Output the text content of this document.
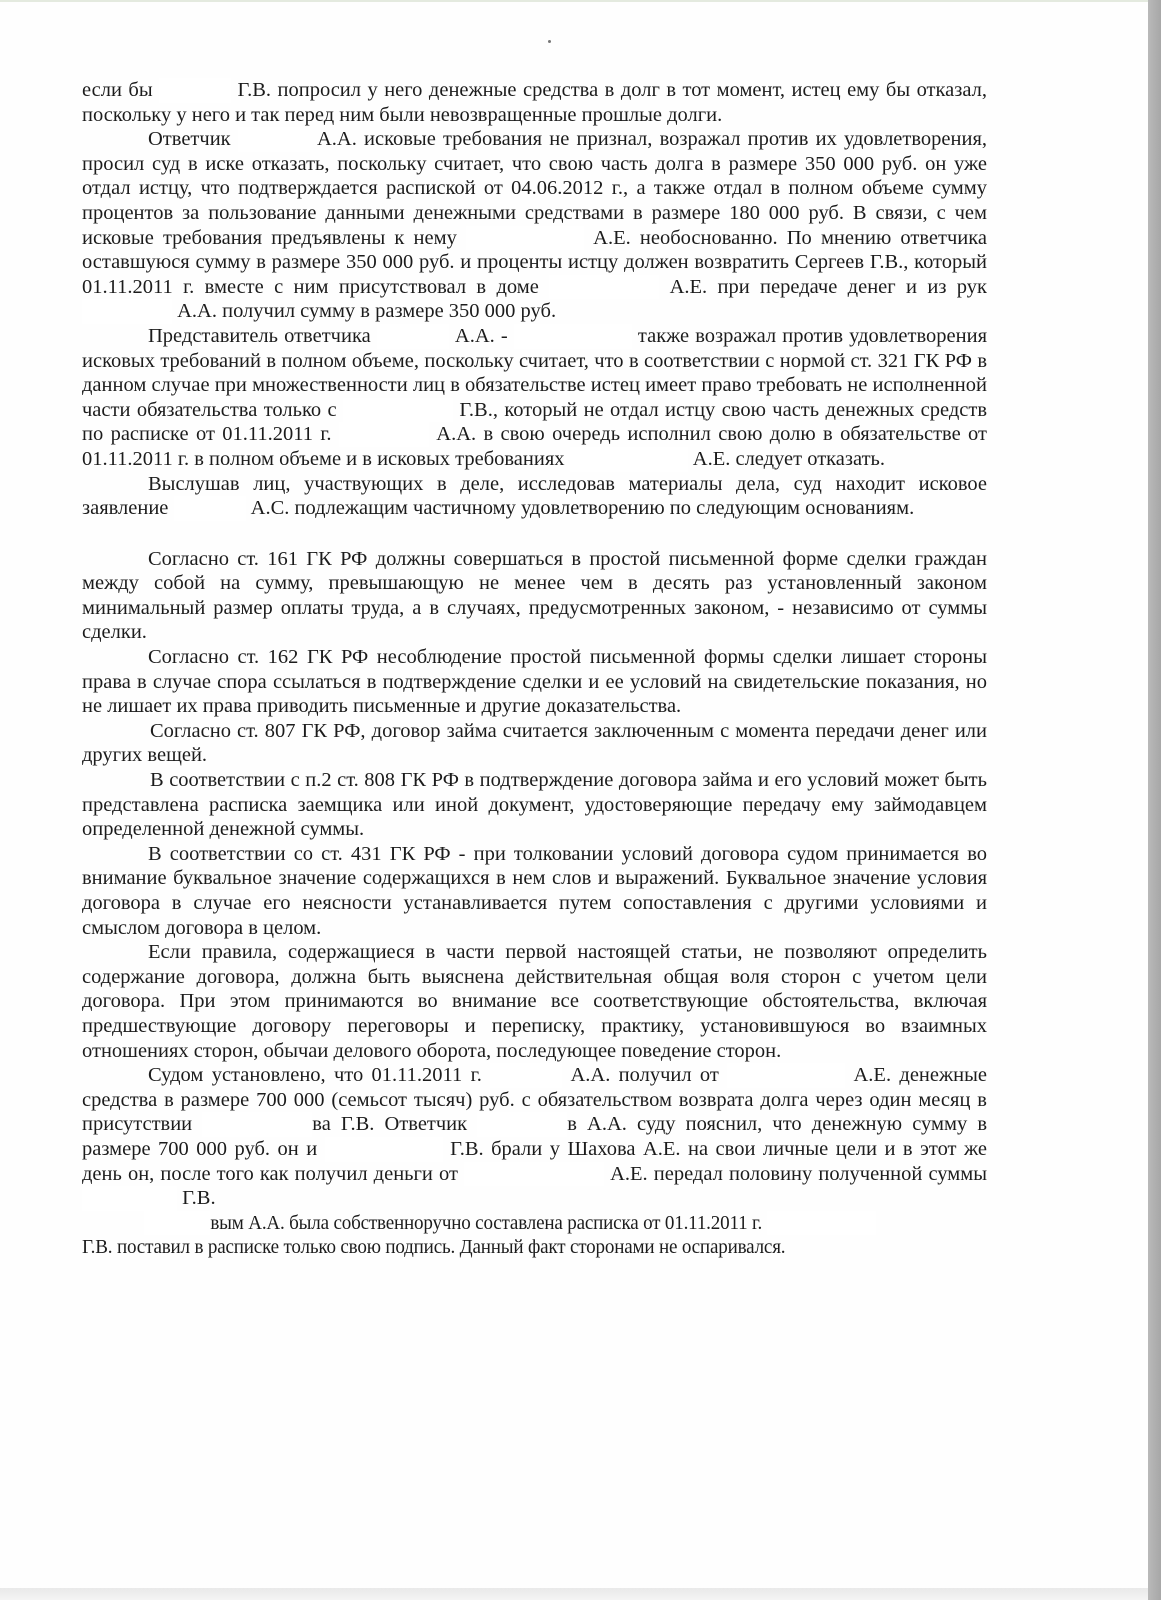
если бы	Г.В. попросил у него денежные средства в долг в тот момент, истец ему бы отказал, поскольку у него и так перед ним были невозвращенные прошлые долги.

Ответчик	А.А. исковые требования не признал, возражал против их удовлетворения, просил суд в иске отказать, поскольку считает, что свою часть долга в размере 350 000 руб. он уже отдал истцу, что подтверждается распиской от 04.06.2012 г., а также отдал в полном объеме сумму процентов за пользование данными денежными средствами в размере 180 000 руб. В связи, с чем исковые требования предъявлены к нему	А.Е. необоснованно. По мнению ответчика оставшуюся сумму в размере 350 000 руб. и проценты истцу должен возвратить Сергеев Г.В., который 01.11.2011 г. вместе с ним присутствовал в доме	А.Е. при передаче денег и из рук   А.А. получил сумму в размере 350 000 руб.

Представитель ответчика	А.А. -	также возражал против удовлетворения исковых требований в полном объеме, поскольку считает, что в соответствии с нормой ст. 321 ГК РФ в данном случае при множественности лиц в обязательстве истец имеет право требовать не исполненной части обязательства только с	Г.В., который не отдал истцу свою часть денежных средств по расписке от 01.11.2011 г.	А.А. в свою очередь исполнил свою долю в обязательстве от 01.11.2011 г. в полном объеме и в исковых требованиях	А.Е. следует отказать.

Выслушав лиц, участвующих в деле, исследовав материалы дела, суд находит исковое заявление	А.С. подлежащим частичному удовлетворению по следующим основаниям.

Согласно ст. 161 ГК РФ должны совершаться в простой письменной форме сделки граждан между собой на сумму, превышающую не менее чем в десять раз установленный законом минимальный размер оплаты труда, а в случаях, предусмотренных законом, - независимо от суммы сделки.

Согласно ст. 162 ГК РФ несоблюдение простой письменной формы сделки лишает стороны права в случае спора ссылаться в подтверждение сделки и ее условий на свидетельские показания, но не лишает их права приводить письменные и другие доказательства.

Согласно ст. 807 ГК РФ, договор займа считается заключенным с момента передачи денег или других вещей.

В соответствии с п.2 ст. 808 ГК РФ в подтверждение договора займа и его условий может быть представлена расписка заемщика или иной документ, удостоверяющие передачу ему займодавцем определенной денежной суммы.

В соответствии со ст. 431 ГК РФ - при толковании условий договора судом принимается во внимание буквальное значение содержащихся в нем слов и выражений. Буквальное значение условия договора в случае его неясности устанавливается путем сопоставления с другими условиями и смыслом договора в целом.

Если правила, содержащиеся в части первой настоящей статьи, не позволяют определить содержание договора, должна быть выяснена действительная общая воля сторон с учетом цели договора. При этом принимаются во внимание все соответствующие обстоятельства, включая предшествующие договору переговоры и переписку, практику, установившуюся во взаимных отношениях сторон, обычаи делового оборота, последующее поведение сторон.

Судом установлено, что 01.11.2011 г.	А.А. получил от	А.Е. денежные средства в размере 700 000 (семьсот тысяч) руб. с обязательством возврата долга через один месяц в присутствии	ва Г.В. Ответчик	в А.А. суду пояснил, что денежную сумму в размере 700 000 руб. он и	Г.В. брали у Шахова А.Е. на свои личные цели и в этот же день он, после того как получил деньги от	А.Е. передал половину полученной суммы   Г.В.

вым А.А. была собственноручно составлена расписка от 01.11.2011 г.

Г.В. поставил в расписке только свою подпись. Данный факт сторонами не оспаривался.
